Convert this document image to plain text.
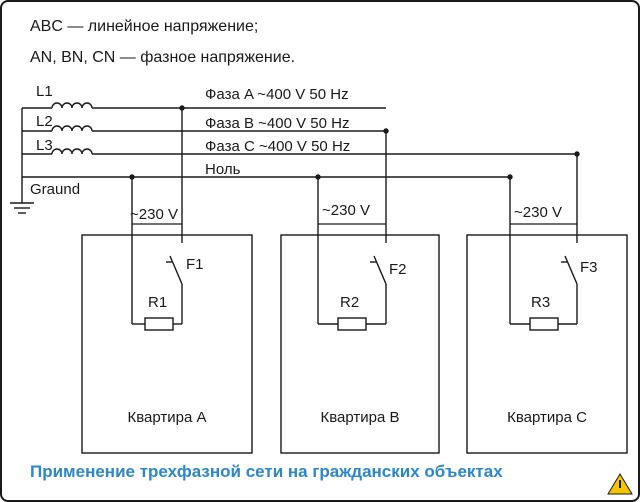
ABC — линейное напряжение;
AN, BN, CN — фазное напряжение.
L1
L2
L3
Graund
Фаза A ~400 V 50 Hz
Фаза B ~400 V 50 Hz
Фаза C ~400 V 50 Hz
Ноль
~230 V	~230 V	~230 V
F1	F2	F3
R1	R2	R3
Квартира A	Квартира B	Квартира C
Применение трехфазной сети на гражданских объектах
